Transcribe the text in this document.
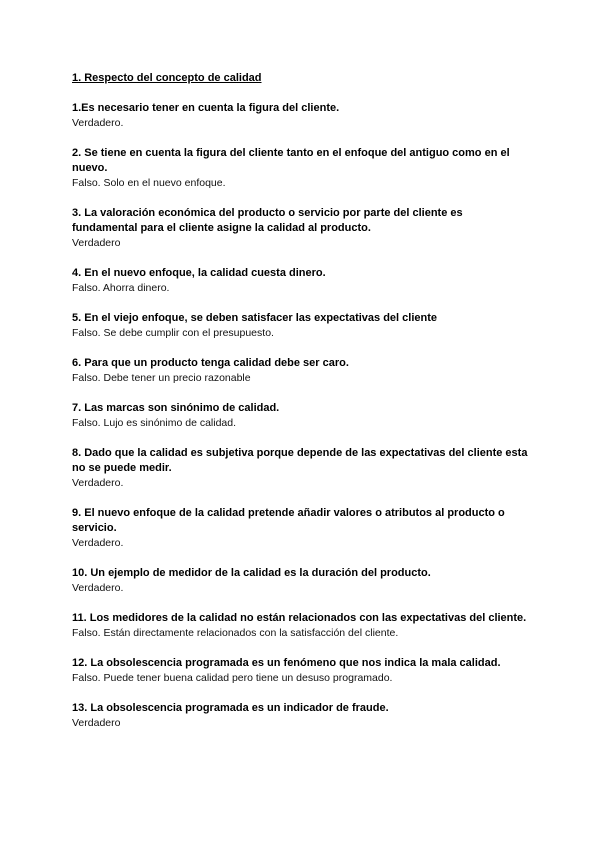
1. Respecto del concepto de calidad
1.Es necesario tener en cuenta la figura del cliente.
Verdadero.
2. Se tiene en cuenta la figura del cliente tanto en el enfoque del antiguo como en el nuevo.
Falso. Solo en el nuevo enfoque.
3. La valoración económica del producto o servicio por parte del cliente es fundamental para el cliente asigne la calidad al producto.
Verdadero
4. En el nuevo enfoque, la calidad cuesta dinero.
Falso. Ahorra dinero.
5. En el viejo enfoque, se deben satisfacer las expectativas del cliente
Falso. Se debe cumplir con el presupuesto.
6. Para que un producto tenga calidad debe ser caro.
Falso. Debe tener un precio razonable
7. Las marcas son sinónimo de calidad.
Falso. Lujo es sinónimo de calidad.
8. Dado que la calidad es subjetiva porque depende de las expectativas del cliente esta no se puede medir.
Verdadero.
9. El nuevo enfoque de la calidad pretende añadir valores o atributos al producto o servicio.
Verdadero.
10. Un ejemplo de medidor de la calidad es la duración del producto.
Verdadero.
11. Los medidores de la calidad no están relacionados con las expectativas del cliente.
Falso. Están directamente relacionados con la satisfacción del cliente.
12. La obsolescencia programada es un fenómeno que nos indica la mala calidad.
Falso. Puede tener buena calidad pero tiene un desuso programado.
13. La obsolescencia programada es un indicador de fraude.
Verdadero
